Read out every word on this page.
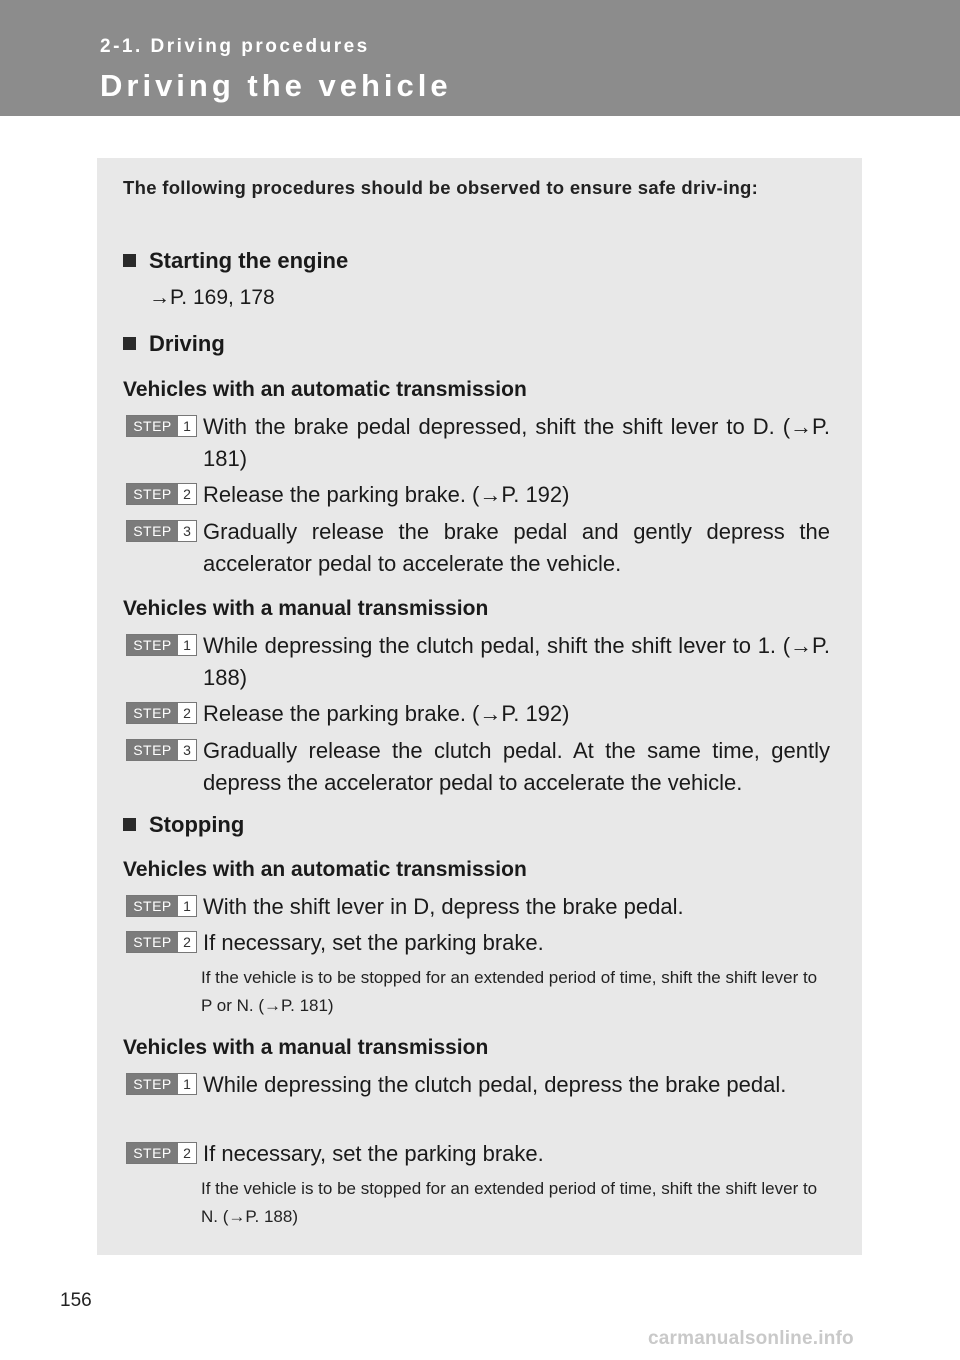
2-1. Driving procedures
Driving the vehicle
The following procedures should be observed to ensure safe driv-ing:
Starting the engine
→P. 169, 178
Driving
Vehicles with an automatic transmission
STEP 1 With the brake pedal depressed, shift the shift lever to D. (→P. 181)
STEP 2 Release the parking brake. (→P. 192)
STEP 3 Gradually release the brake pedal and gently depress the accelerator pedal to accelerate the vehicle.
Vehicles with a manual transmission
STEP 1 While depressing the clutch pedal, shift the shift lever to 1. (→P. 188)
STEP 2 Release the parking brake. (→P. 192)
STEP 3 Gradually release the clutch pedal. At the same time, gently depress the accelerator pedal to accelerate the vehicle.
Stopping
Vehicles with an automatic transmission
STEP 1 With the shift lever in D, depress the brake pedal.
STEP 2 If necessary, set the parking brake.
If the vehicle is to be stopped for an extended period of time, shift the shift lever to P or N. (→P. 181)
Vehicles with a manual transmission
STEP 1 While depressing the clutch pedal, depress the brake pedal.
STEP 2 If necessary, set the parking brake.
If the vehicle is to be stopped for an extended period of time, shift the shift lever to N. (→P. 188)
156
carmanualsonline.info
